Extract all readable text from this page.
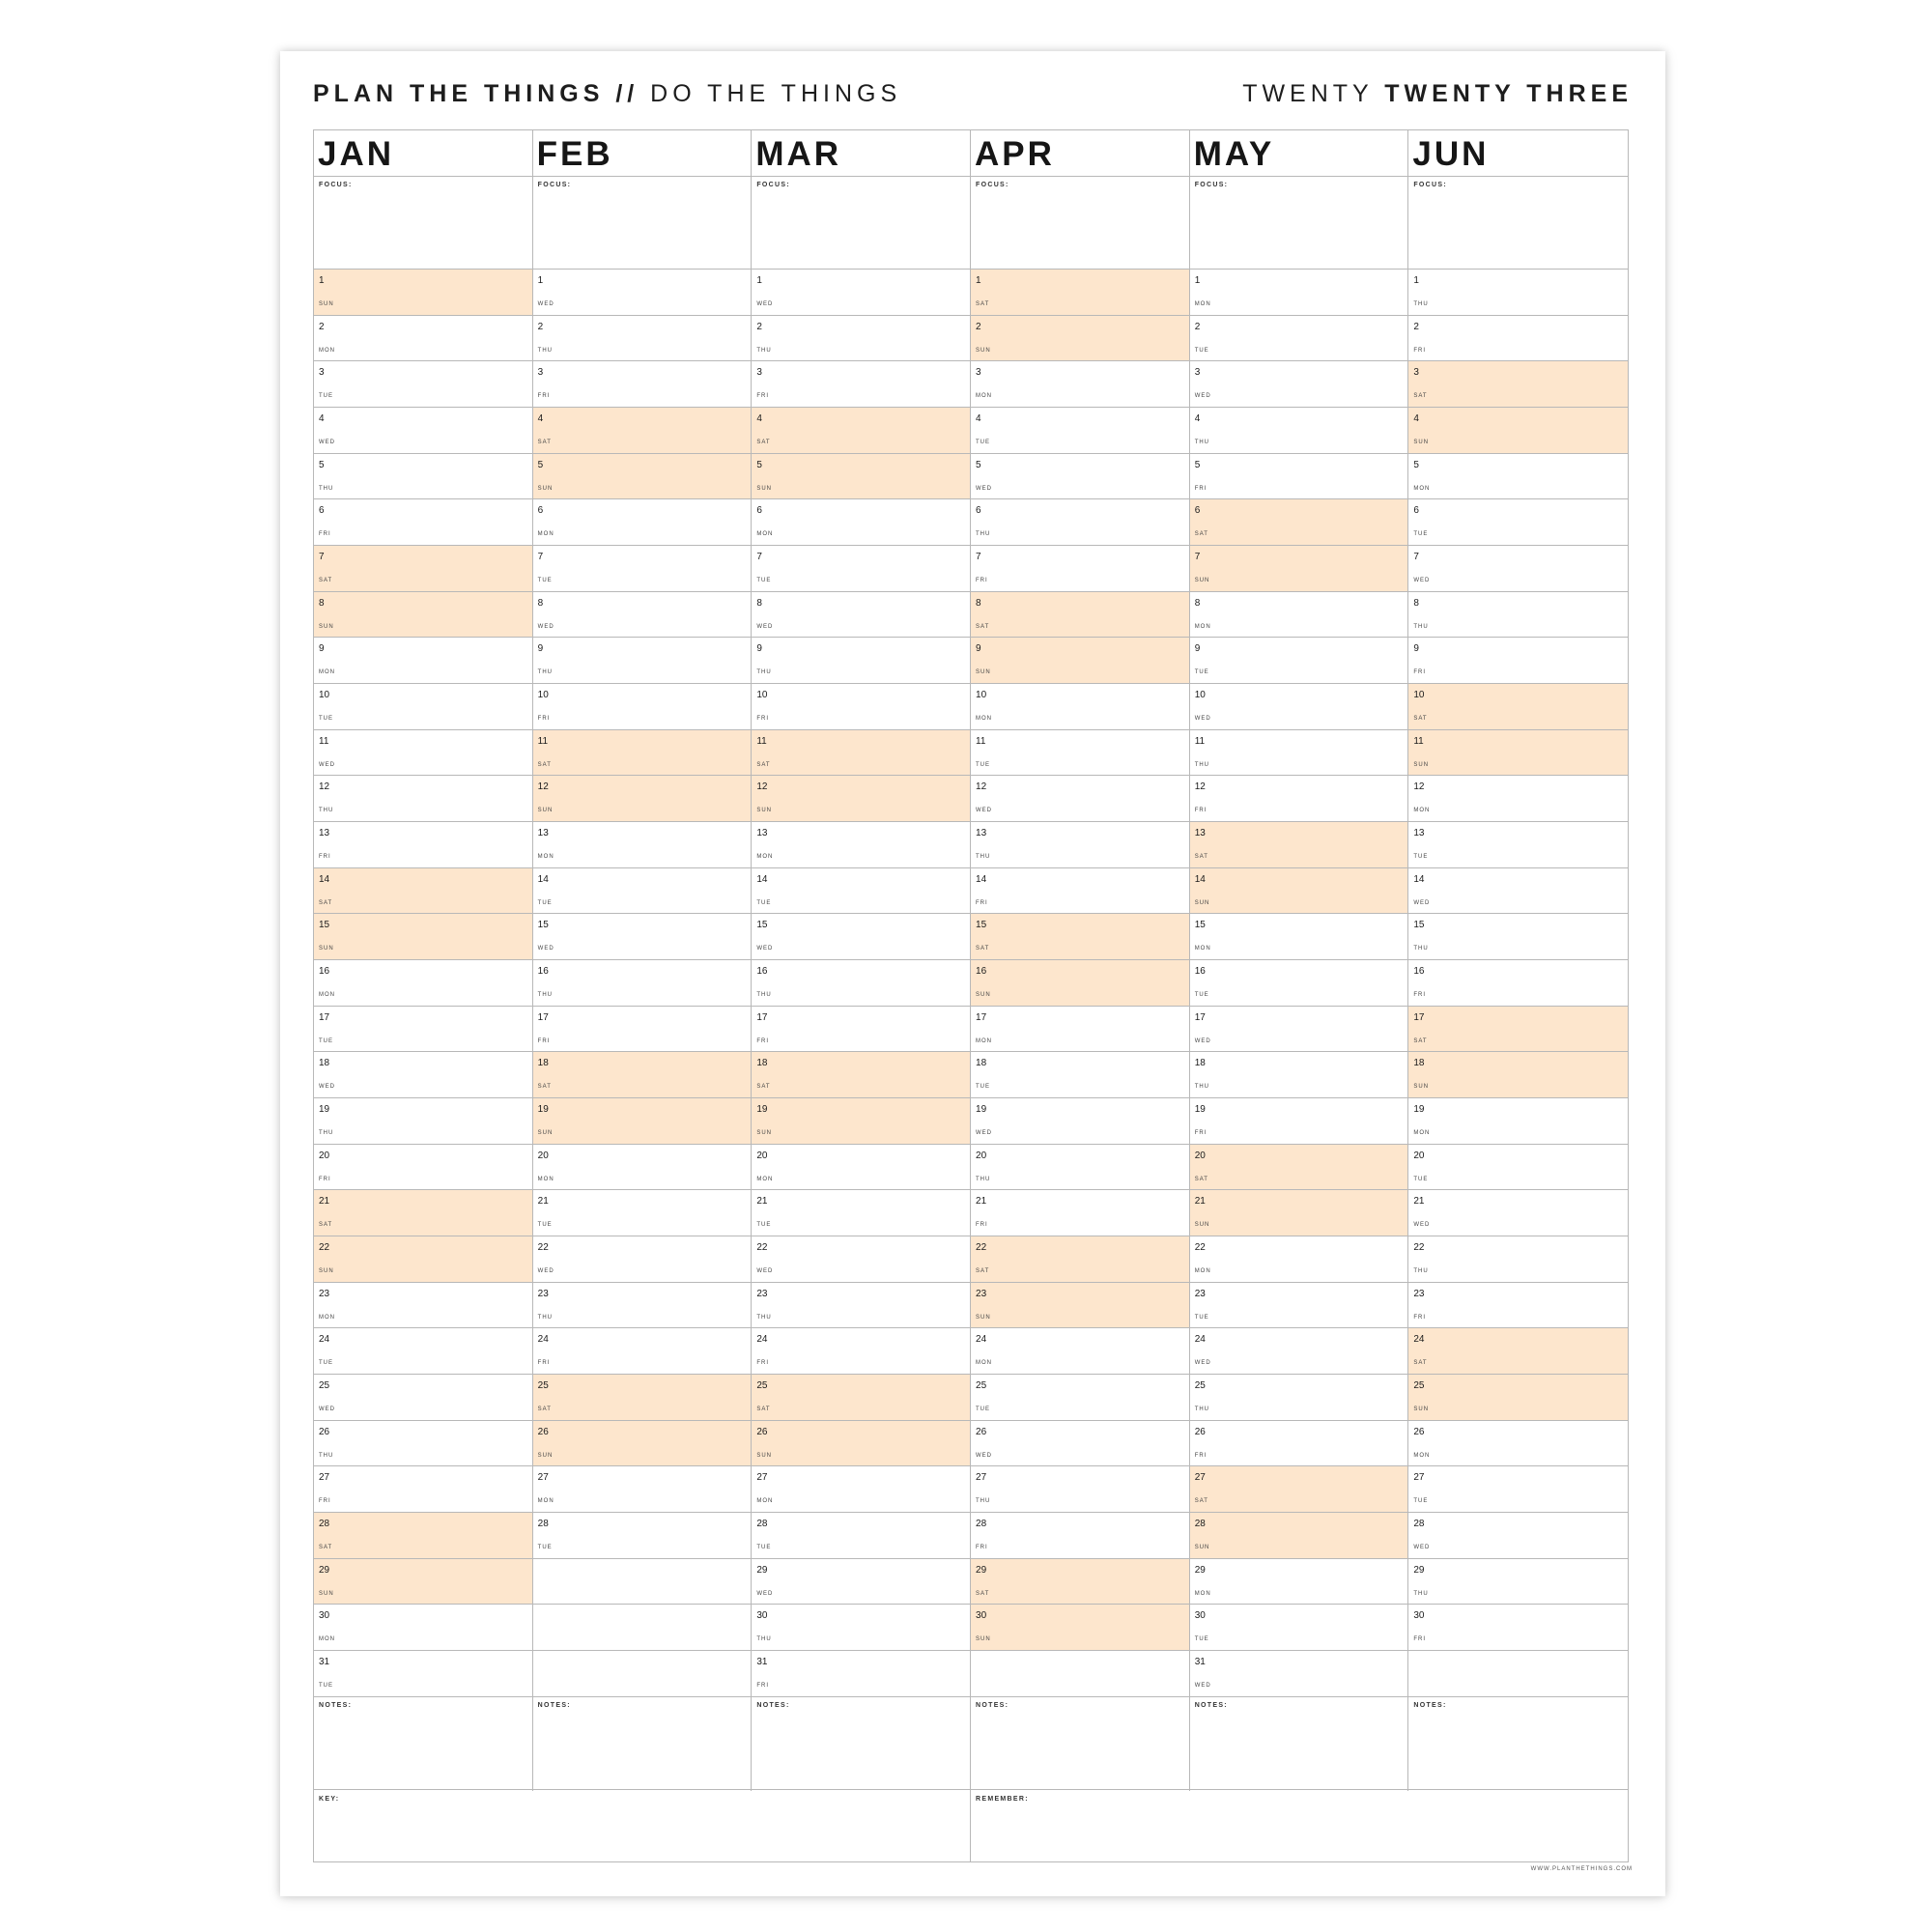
PLAN THE THINGS // DO THE THINGS	TWENTY TWENTY THREE
JAN
FOCUS:
1
SUN
2
MON
3
TUE
4
WED
5
THU
6
FRI
7
SAT
8
SUN
9
MON
10
TUE
11
WED
12
THU
13
FRI
14
SAT
15
SUN
16
MON
17
TUE
18
WED
19
THU
20
FRI
21
SAT
22
SUN
23
MON
24
TUE
25
WED
26
THU
27
FRI
28
SAT
29
SUN
30
MON
31
TUE
NOTES:
FEB
FOCUS:
1
WED
2
THU
3
FRI
4
SAT
5
SUN
6
MON
7
TUE
8
WED
9
THU
10
FRI
11
SAT
12
SUN
13
MON
14
TUE
15
WED
16
THU
17
FRI
18
SAT
19
SUN
20
MON
21
TUE
22
WED
23
THU
24
FRI
25
SAT
26
SUN
27
MON
28
TUE
NOTES:
MAR
FOCUS:
1
WED
2
THU
3
FRI
4
SAT
5
SUN
6
MON
7
TUE
8
WED
9
THU
10
FRI
11
SAT
12
SUN
13
MON
14
TUE
15
WED
16
THU
17
FRI
18
SAT
19
SUN
20
MON
21
TUE
22
WED
23
THU
24
FRI
25
SAT
26
SUN
27
MON
28
TUE
29
WED
30
THU
31
FRI
NOTES:
APR
FOCUS:
1
SAT
2
SUN
3
MON
4
TUE
5
WED
6
THU
7
FRI
8
SAT
9
SUN
10
MON
11
TUE
12
WED
13
THU
14
FRI
15
SAT
16
SUN
17
MON
18
TUE
19
WED
20
THU
21
FRI
22
SAT
23
SUN
24
MON
25
TUE
26
WED
27
THU
28
FRI
29
SAT
30
SUN
NOTES:
MAY
FOCUS:
1
MON
2
TUE
3
WED
4
THU
5
FRI
6
SAT
7
SUN
8
MON
9
TUE
10
WED
11
THU
12
FRI
13
SAT
14
SUN
15
MON
16
TUE
17
WED
18
THU
19
FRI
20
SAT
21
SUN
22
MON
23
TUE
24
WED
25
THU
26
FRI
27
SAT
28
SUN
29
MON
30
TUE
31
WED
NOTES:
JUN
FOCUS:
1
THU
2
FRI
3
SAT
4
SUN
5
MON
6
TUE
7
WED
8
THU
9
FRI
10
SAT
11
SUN
12
MON
13
TUE
14
WED
15
THU
16
FRI
17
SAT
18
SUN
19
MON
20
TUE
21
WED
22
THU
23
FRI
24
SAT
25
SUN
26
MON
27
TUE
28
WED
29
THU
30
FRI
NOTES:
KEY:	REMEMBER:
WWW.PLANTHETHINGS.COM
